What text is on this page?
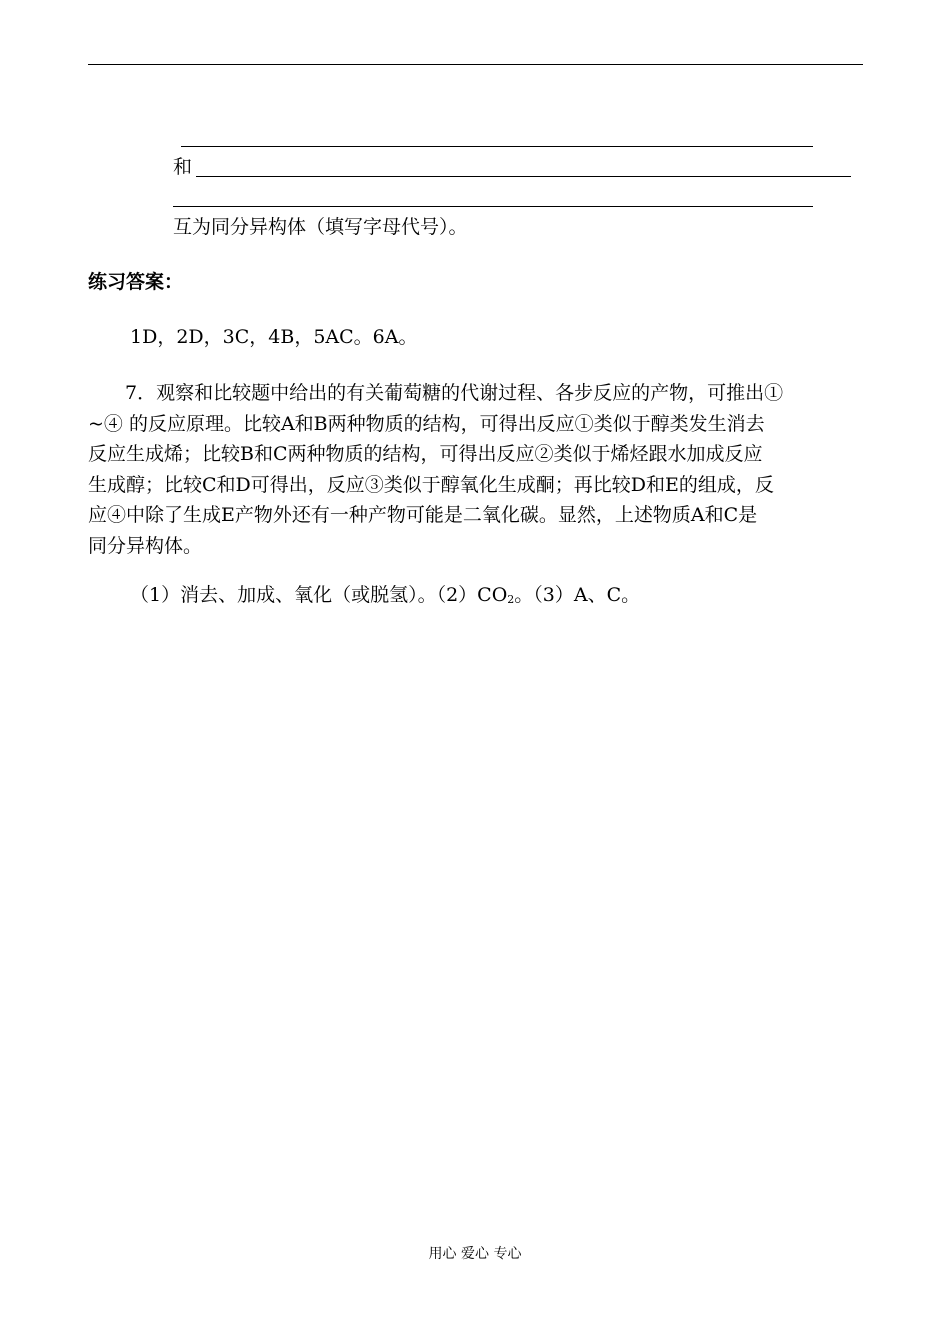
和
互为同分异构体（填写字母代号）。
练习答案：
1D，2D，3C，4B，5AC。6A。

7．观察和比较题中给出的有关葡萄糖的代谢过程、各步反应的产物，可推出①

~④ 的反应原理。比较A和B两种物质的结构，可得出反应①类似于醇类发生消去

反应生成烯；比较B和C两种物质的结构，可得出反应②类似于烯烃跟水加成反应

生成醇；比较C和D可得出，反应③类似于醇氧化生成酮；再比较D和E的组成，反

应④中除了生成E产物外还有一种产物可能是二氧化碳。显然，上述物质A和C是

同分异构体。

（1）消去、加成、氧化（或脱氢）。$(2)CO_2$。（3）A、C。
用心 爱心 专心
